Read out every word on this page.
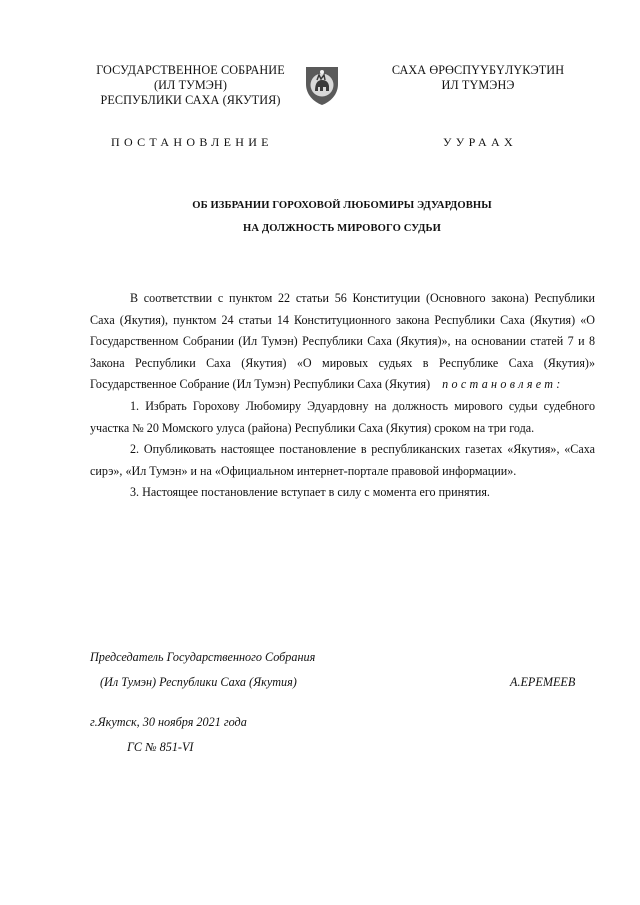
ГОСУДАРСТВЕННОЕ СОБРАНИЕ
(ИЛ ТУМЭН)
РЕСПУБЛИКИ САХА (ЯКУТИЯ)
САХА ӨРӨСПҮҮБҮЛҮКЭТИН
ИЛ ТҮМЭНЭ
ПОСТАНОВЛЕНИЕ	УУРААХ
ОБ ИЗБРАНИИ ГОРОХОВОЙ ЛЮБОМИРЫ ЭДУАРДОВНЫ
НА ДОЛЖНОСТЬ МИРОВОГО СУДЬИ

В соответствии с пунктом 22 статьи 56 Конституции (Основного закона) Республики Саха (Якутия), пунктом 24 статьи 14 Конституционного закона Республики Саха (Якутия) «О Государственном Собрании (Ил Тумэн) Республики Саха (Якутия)», на основании статей 7 и 8 Закона Республики Саха (Якутия) «О мировых судьях в Республике Саха (Якутия)» Государственное Собрание (Ил Тумэн) Республики Саха (Якутия) постановляет:

1. Избрать Горохову Любомиру Эдуардовну на должность мирового судьи судебного участка № 20 Момского улуса (района) Республики Саха (Якутия) сроком на три года.

2. Опубликовать настоящее постановление в республиканских газетах «Якутия», «Саха сирэ», «Ил Тумэн» и на «Официальном интернет-портале правовой информации».

3. Настоящее постановление вступает в силу с момента его принятия.

Председатель Государственного Собрания
(Ил Тумэн) Республики Саха (Якутия)	А.ЕРЕМЕЕВ
г.Якутск, 30 ноября 2021 года
ГС № 851-VI
